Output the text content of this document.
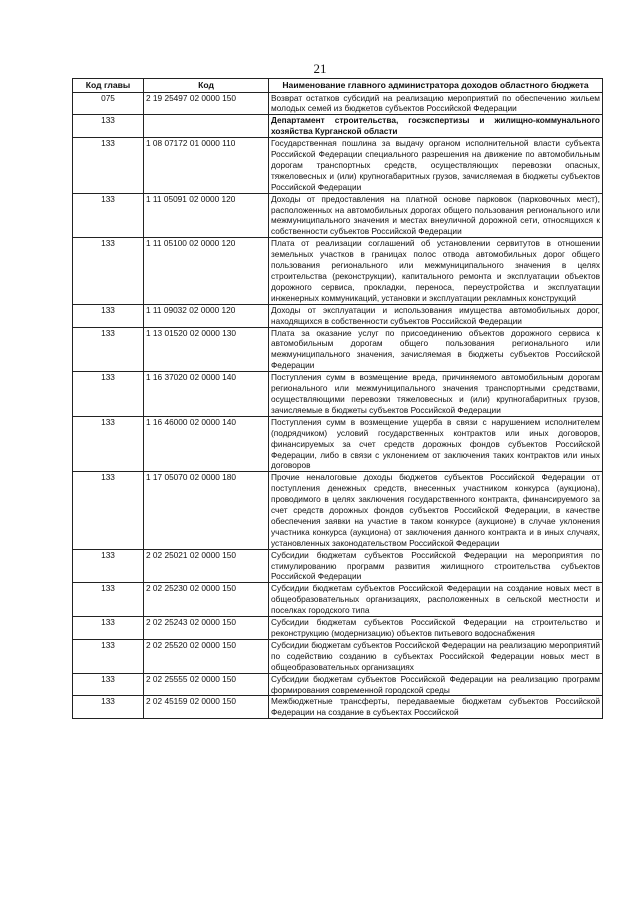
21
Код главы	Код	Наименование главного администратора доходов областного бюджета
075	2 19 25497 02 0000 150	Возврат остатков субсидий на реализацию мероприятий по обеспечению жильем молодых семей из бюджетов субъектов Российской Федерации
133		Департамент строительства, госэкспертизы и жилищно-коммунального хозяйства Курганской области
133	1 08 07172 01 0000 110	Государственная пошлина за выдачу органом исполнительной власти субъекта Российской Федерации специального разрешения на движение по автомобильным дорогам транспортных средств, осуществляющих перевозки опасных, тяжеловесных и (или) крупногабаритных грузов, зачисляемая в бюджеты субъектов Российской Федерации
133	1 11 05091 02 0000 120	Доходы от предоставления на платной основе парковок (парковочных мест), расположенных на автомобильных дорогах общего пользования регионального или межмуниципального значения и местах внеуличной дорожной сети, относящихся к собственности субъектов Российской Федерации
133	1 11 05100 02 0000 120	Плата от реализации соглашений об установлении сервитутов в отношении земельных участков в границах полос отвода автомобильных дорог общего пользования регионального или межмуниципального значения в целях строительства (реконструкции), капитального ремонта и эксплуатации объектов дорожного сервиса, прокладки, переноса, переустройства и эксплуатации инженерных коммуникаций, установки и эксплуатации рекламных конструкций
133	1 11 09032 02 0000 120	Доходы от эксплуатации и использования имущества автомобильных дорог, находящихся в собственности субъектов Российской Федерации
133	1 13 01520 02 0000 130	Плата за оказание услуг по присоединению объектов дорожного сервиса к автомобильным дорогам общего пользования регионального или межмуниципального значения, зачисляемая в бюджеты субъектов Российской Федерации
133	1 16 37020 02 0000 140	Поступления сумм в возмещение вреда, причиняемого автомобильным дорогам регионального или межмуниципального значения транспортными средствами, осуществляющими перевозки тяжеловесных и (или) крупногабаритных грузов, зачисляемые в бюджеты субъектов Российской Федерации
133	1 16 46000 02 0000 140	Поступления сумм в возмещение ущерба в связи с нарушением исполнителем (подрядчиком) условий государственных контрактов или иных договоров, финансируемых за счет средств дорожных фондов субъектов Российской Федерации, либо в связи с уклонением от заключения таких контрактов или иных договоров
133	1 17 05070 02 0000 180	Прочие неналоговые доходы бюджетов субъектов Российской Федерации от поступления денежных средств, внесенных участником конкурса (аукциона), проводимого в целях заключения государственного контракта, финансируемого за счет средств дорожных фондов субъектов Российской Федерации, в качестве обеспечения заявки на участие в таком конкурсе (аукционе) в случае уклонения участника конкурса (аукциона) от заключения данного контракта и в иных случаях, установленных законодательством Российской Федерации
133	2 02 25021 02 0000 150	Субсидии бюджетам субъектов Российской Федерации на мероприятия по стимулированию программ развития жилищного строительства субъектов Российской Федерации
133	2 02 25230 02 0000 150	Субсидии бюджетам субъектов Российской Федерации на создание новых мест в общеобразовательных организациях, расположенных в сельской местности и поселках городского типа
133	2 02 25243 02 0000 150	Субсидии бюджетам субъектов Российской Федерации на строительство и реконструкцию (модернизацию) объектов питьевого водоснабжения
133	2 02 25520 02 0000 150	Субсидии бюджетам субъектов Российской Федерации на реализацию мероприятий по содействию созданию в субъектах Российской Федерации новых мест в общеобразовательных организациях
133	2 02 25555 02 0000 150	Субсидии бюджетам субъектов Российской Федерации на реализацию программ формирования современной городской среды
133	2 02 45159 02 0000 150	Межбюджетные трансферты, передаваемые бюджетам субъектов Российской Федерации на создание в субъектах Российской
